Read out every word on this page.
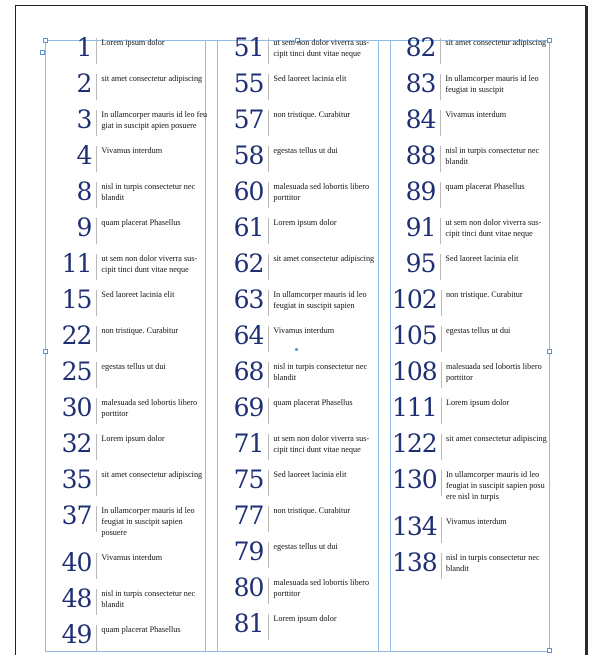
1	Lorem ipsum dolor
2	sit amet consectetur adipiscing
3	In ullamcorper mauris id leo feu giat in suscipit apien posuere
4	Vivamus interdum
8	nisl in turpis consectetur nec blandit
9	quam placerat Phasellus
11	ut sem non dolor viverra sus- cipit tinci dunt vitae neque
15	Sed laoreet lacinia elit
22	non tristique. Curabitur
25	egestas tellus ut dui
30	malesuada sed lobortis libero porttitor
32	Lorem ipsum dolor
35	sit amet consectetur adipiscing
37	In ullamcorper mauris id leo feugiat in suscipit sapien posuere
40	Vivamus interdum
48	nisl in turpis consectetur nec blandit
49	quam placerat Phasellus
51	ut sem non dolor viverra sus- cipit tinci dunt vitae neque
55	Sed laoreet lacinia elit
57	non tristique. Curabitur
58	egestas tellus ut dui
60	malesuada sed lobortis libero porttitor
61	Lorem ipsum dolor
62	sit amet consectetur adipiscing
63	In ullamcorper mauris id leo feugiat in suscipit sapien
64	Vivamus interdum
68	nisl in turpis consectetur nec blandit
69	quam placerat Phasellus
71	ut sem non dolor viverra sus- cipit tinci dunt vitae neque
75	Sed laoreet lacinia elit
77	non tristique. Curabitur
79	egestas tellus ut dui
80	malesuada sed lobortis libero porttitor
81	Lorem ipsum dolor
82	sit amet consectetur adipiscing
83	In ullamcorper mauris id leo feugiat in suscipit
84	Vivamus interdum
88	nisl in turpis consectetur nec blandit
89	quam placerat Phasellus
91	ut sem non dolor viverra sus- cipit tinci dunt vitae neque
95	Sed laoreet lacinia elit
102	non tristique. Curabitur
105	egestas tellus ut dui
108	malesuada sed lobortis libero porttitor
111	Lorem ipsum dolor
122	sit amet consectetur adipiscing
130	In ullamcorper mauris id leo feugiat in suscipit sapien posu ere nisl in turpis
134	Vivamus interdum
138	nisl in turpis consectetur nec blandit
